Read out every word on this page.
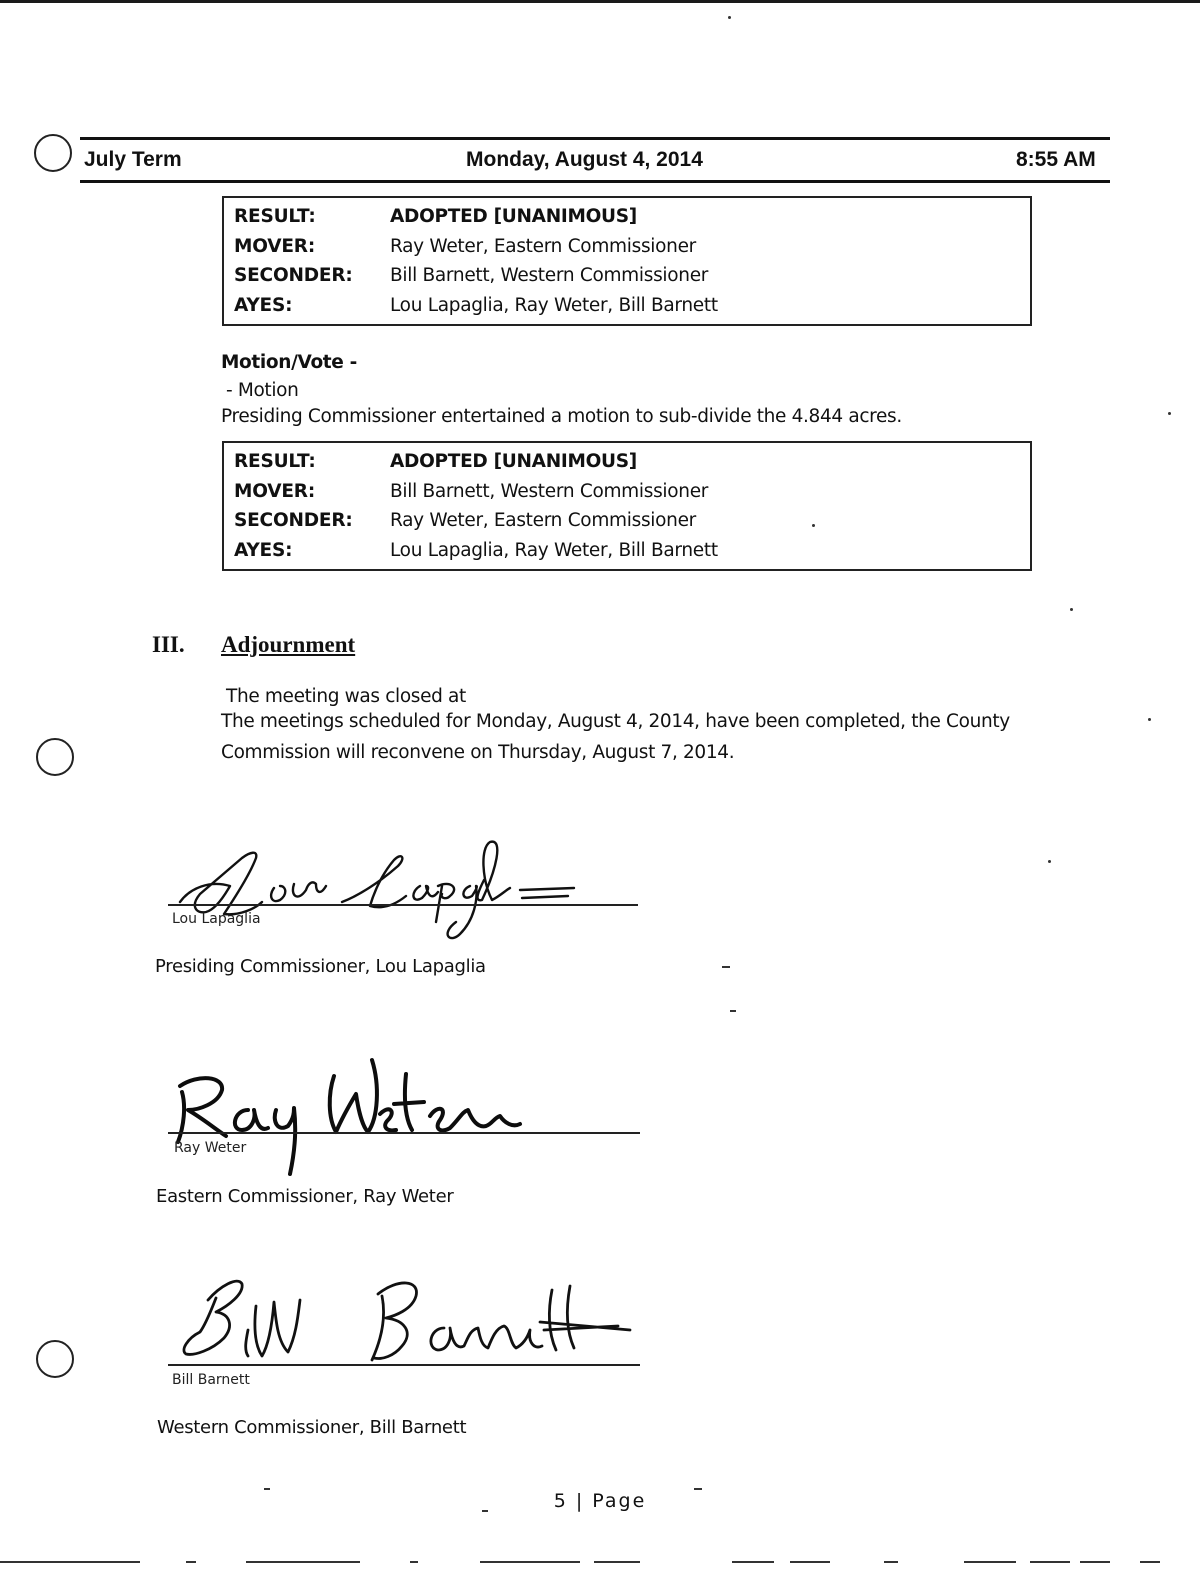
July Term	Monday, August 4, 2014	8:55 AM
RESULT:	ADOPTED [UNANIMOUS]
MOVER:	Ray Weter, Eastern Commissioner
SECONDER:	Bill Barnett, Western Commissioner
AYES:	Lou Lapaglia, Ray Weter, Bill Barnett
Motion/Vote -
- Motion
Presiding Commissioner entertained a motion to sub-divide the 4.844 acres.
RESULT:	ADOPTED [UNANIMOUS]
MOVER:	Bill Barnett, Western Commissioner
SECONDER:	Ray Weter, Eastern Commissioner
AYES:	Lou Lapaglia, Ray Weter, Bill Barnett
III. Adjournment
The meeting was closed at
The meetings scheduled for Monday, August 4, 2014, have been completed, the County
Commission will reconvene on Thursday, August 7, 2014.
Lou Lapaglia
Presiding Commissioner, Lou Lapaglia
Ray Weter
Eastern Commissioner, Ray Weter
Bill Barnett
Western Commissioner, Bill Barnett
5 | Page
